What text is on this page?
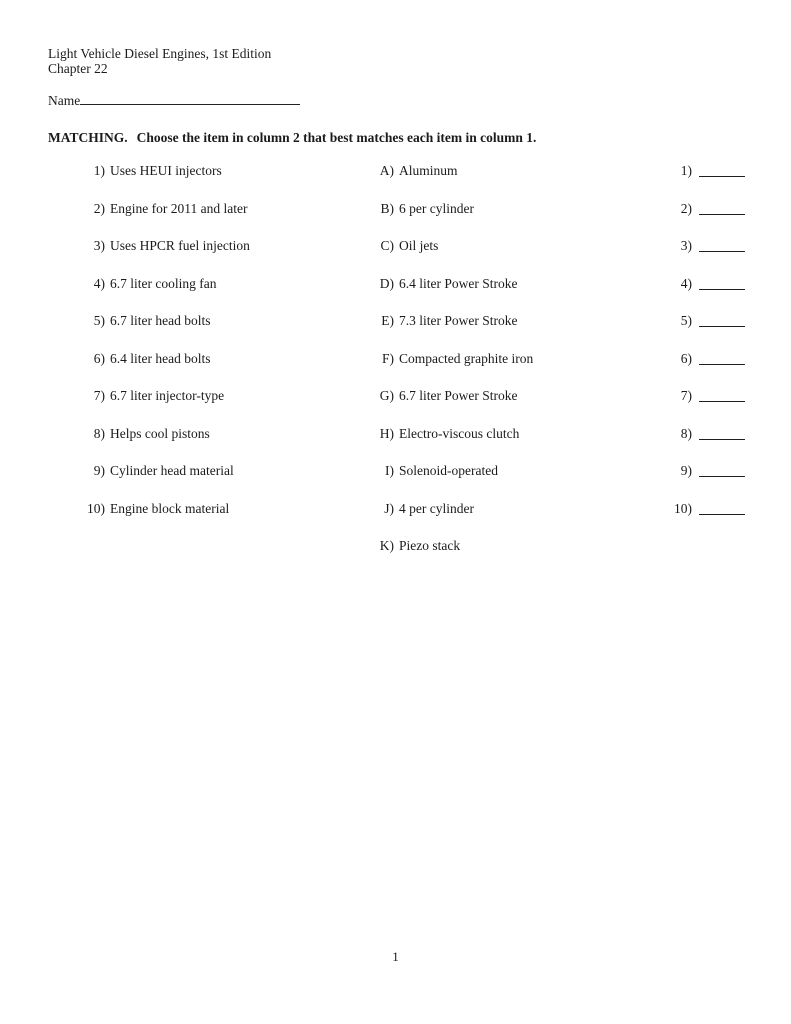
Light Vehicle Diesel Engines, 1st Edition
Chapter 22
Name
MATCHING. Choose the item in column 2 that best matches each item in column 1.
1) Uses HEUI injectors	A) Aluminum	1)
2) Engine for 2011 and later	B) 6 per cylinder	2)
3) Uses HPCR fuel injection	C) Oil jets	3)
4) 6.7 liter cooling fan	D) 6.4 liter Power Stroke	4)
5) 6.7 liter head bolts	E) 7.3 liter Power Stroke	5)
6) 6.4 liter head bolts	F) Compacted graphite iron	6)
7) 6.7 liter injector-type	G) 6.7 liter Power Stroke	7)
8) Helps cool pistons	H) Electro-viscous clutch	8)
9) Cylinder head material	I) Solenoid-operated	9)
10) Engine block material	J) 4 per cylinder	10)
K) Piezo stack
1
